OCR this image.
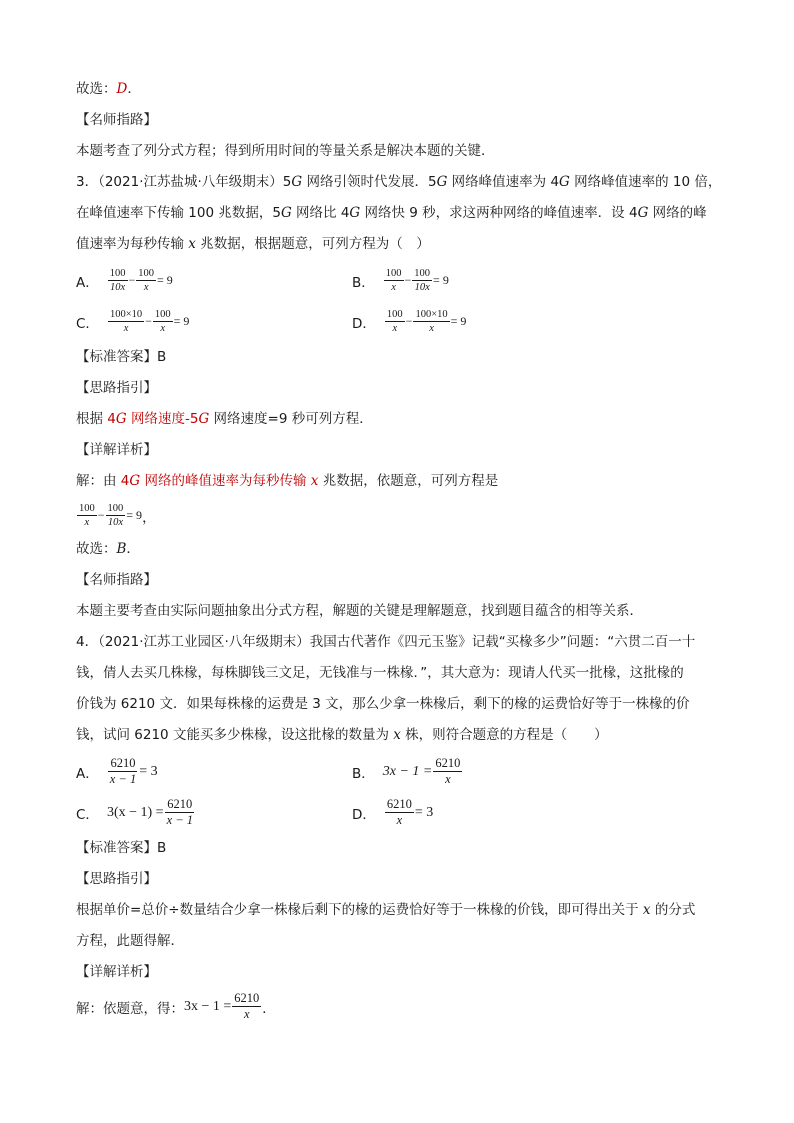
故选：D．
【名师指路】
本题考查了列分式方程；得到所用时间的等量关系是解决本题的关键．
3．（2021·江苏盐城·八年级期末）5G 网络引领时代发展．5G 网络峰值速率为 4G 网络峰值速率的 10 倍，
在峰值速率下传输 100 兆数据，5G 网络比 4G 网络快 9 秒，求这两种网络的峰值速率．设 4G 网络的峰
值速率为每秒传输 x 兆数据，根据题意，可列方程为（　）
A． $\frac{100}{10x} - \frac{100}{x} = 9$	B． $\frac{100}{x} - \frac{100}{10x} = 9$
C． $\frac{100\times 10}{x} - \frac{100}{x} = 9$	D． $\frac{100}{x} - \frac{100\times 10}{x} = 9$
【标准答案】B
【思路指引】
根据 4G 网络速度-5G 网络速度=9 秒可列方程．
【详解详析】
解：由 4G 网络的峰值速率为每秒传输 x 兆数据，依题意，可列方程是
$\frac{100}{x} - \frac{100}{10x} = 9$ ，
故选：B．
【名师指路】
本题主要考查由实际问题抽象出分式方程，解题的关键是理解题意，找到题目蕴含的相等关系．
4．（2021·江苏工业园区·八年级期末）我国古代著作《四元玉鉴》记载“买椽多少”问题：“六贯二百一十
钱，倩人去买几株椽，每株脚钱三文足，无钱准与一株椽．”，其大意为：现请人代买一批椽，这批椽的
价钱为 6210 文．如果每株椽的运费是 3 文，那么少拿一株椽后，剩下的椽的运费恰好等于一株椽的价
钱，试问 6210 文能买多少株椽，设这批椽的数量为 x 株，则符合题意的方程是（　　）
A． $\frac{6210}{x - 1} = 3$	B． $3x - 1 = \frac{6210}{x}$
C． $3(x - 1) = \frac{6210}{x - 1}$	D． $\frac{6210}{x} = 3$
【标准答案】B
【思路指引】
根据单价=总价÷数量结合少拿一株椽后剩下的椽的运费恰好等于一株椽的价钱，即可得出关于 x 的分式
方程，此题得解．
【详解详析】
解：依题意，得： $3x - 1 = \frac{6210}{x}$ ．
